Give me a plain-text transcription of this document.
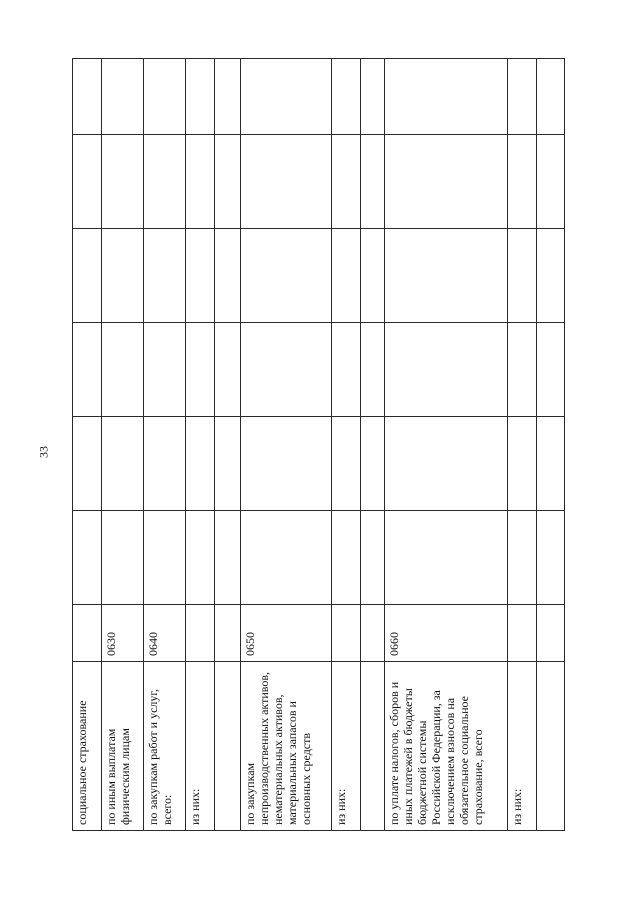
33
социальное страхование							
по иным выплатам физическим лицам	0630						
по закупкам работ и услуг, всего:	0640						
из них:							

по закупкам непроизводственных активов, нематериальных активов, материальных запасов и основных средств	0650						
из них:							

по уплате налогов, сборов и иных платежей в бюджеты бюджетной системы Российской Федерации, за исключением взносов на обязательное социальное страхование, всего	0660						
из них:							
